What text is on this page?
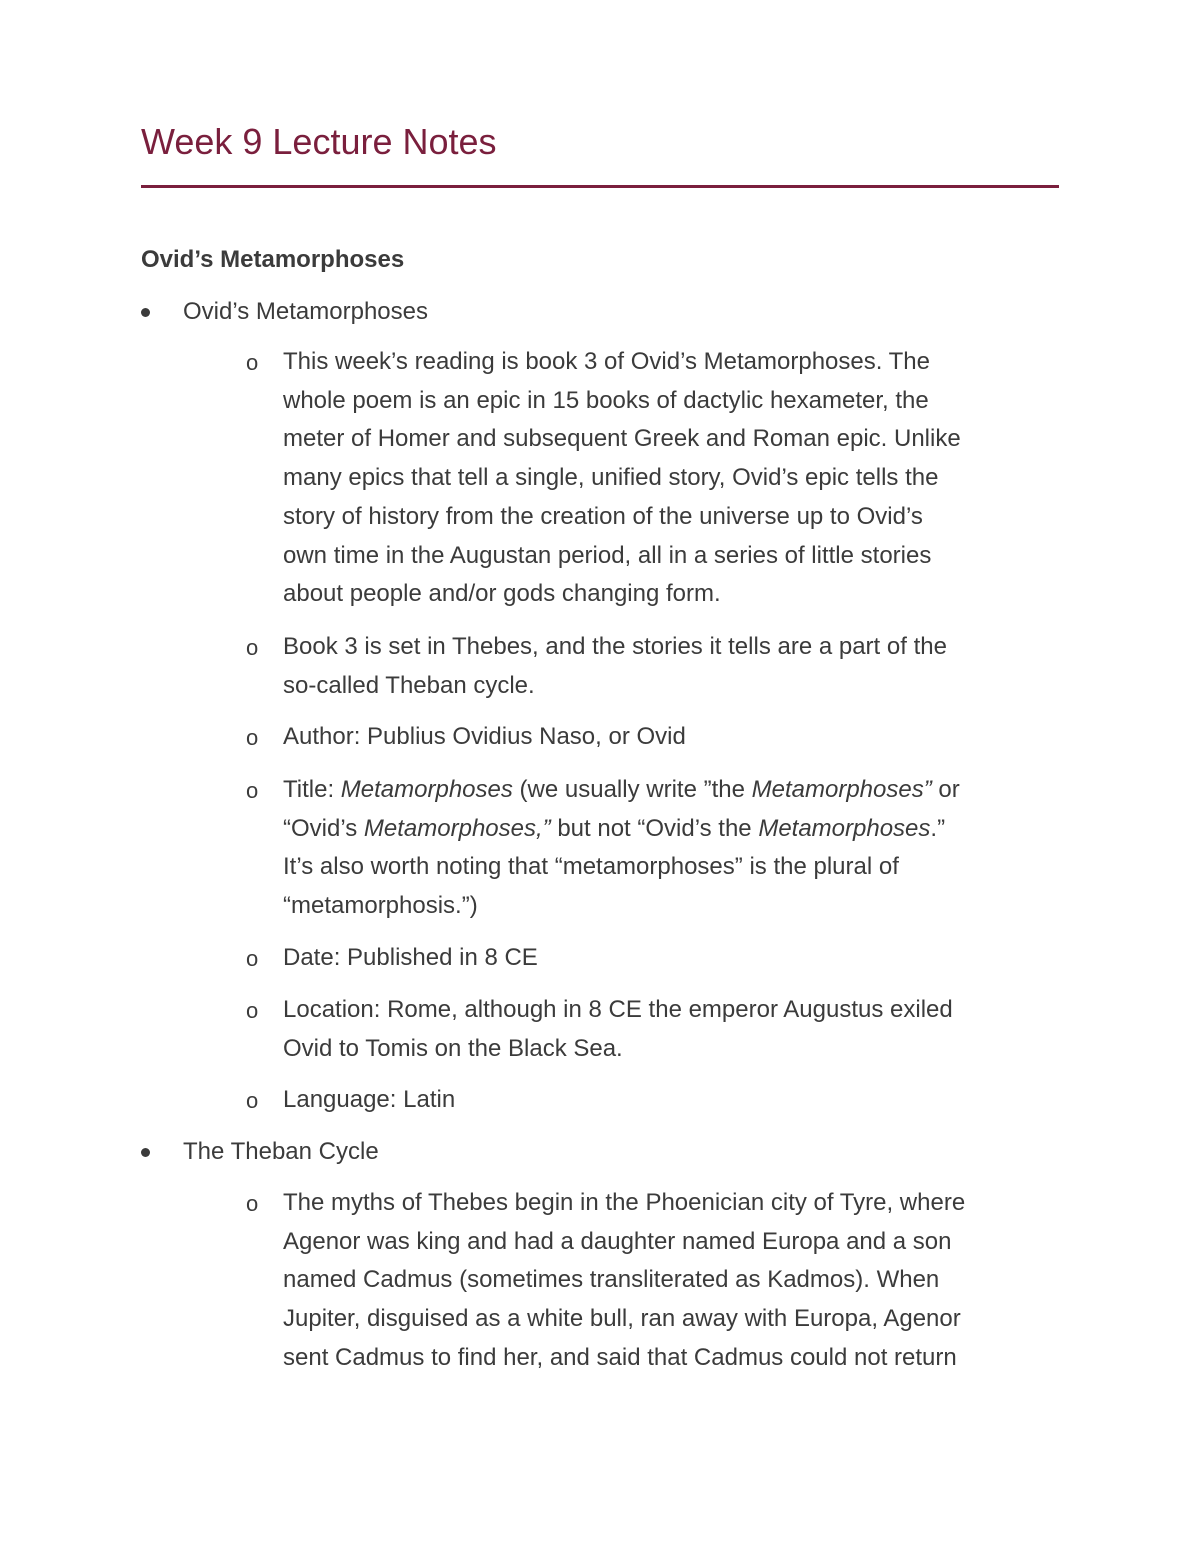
Week 9 Lecture Notes
Ovid’s Metamorphoses
Ovid’s Metamorphoses
o	This week’s reading is book 3 of Ovid’s Metamorphoses. The
whole poem is an epic in 15 books of dactylic hexameter, the
meter of Homer and subsequent Greek and Roman epic. Unlike
many epics that tell a single, unified story, Ovid’s epic tells the
story of history from the creation of the universe up to Ovid’s
own time in the Augustan period, all in a series of little stories
about people and/or gods changing form.
o	Book 3 is set in Thebes, and the stories it tells are a part of the
so-called Theban cycle.
o	Author: Publius Ovidius Naso, or Ovid
o	Title: Metamorphoses (we usually write ”the Metamorphoses” or
“Ovid’s Metamorphoses,” but not “Ovid’s the Metamorphoses.”
It’s also worth noting that “metamorphoses” is the plural of
“metamorphosis.”)
o	Date: Published in 8 CE
o	Location: Rome, although in 8 CE the emperor Augustus exiled
Ovid to Tomis on the Black Sea.
o	Language: Latin
The Theban Cycle
o	The myths of Thebes begin in the Phoenician city of Tyre, where
Agenor was king and had a daughter named Europa and a son
named Cadmus (sometimes transliterated as Kadmos). When
Jupiter, disguised as a white bull, ran away with Europa, Agenor
sent Cadmus to find her, and said that Cadmus could not return
